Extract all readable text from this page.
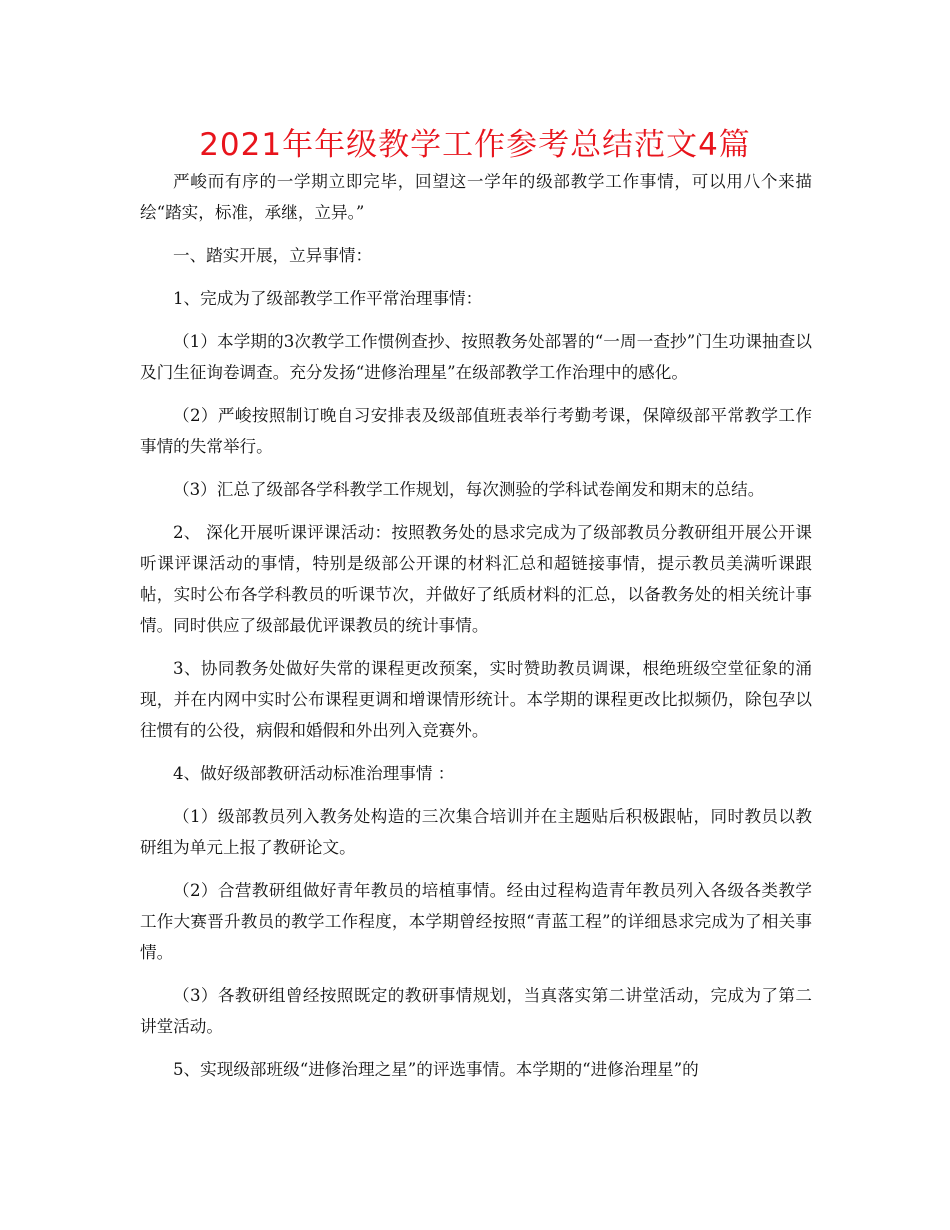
2021年年级教学工作参考总结范文4篇

严峻而有序的一学期立即完毕，回望这一学年的级部教学工作事情，可以用八个来描绘“踏实，标准，承继，立异。”

一、踏实开展，立异事情：

1、完成为了级部教学工作平常治理事情：

（1）本学期的3次教学工作惯例查抄、按照教务处部署的“一周一查抄”门生功课抽查以及门生征询卷调查。充分发扬“进修治理星”在级部教学工作治理中的感化。

（2）严峻按照制订晚自习安排表及级部值班表举行考勤考课，保障级部平常教学工作事情的失常举行。

（3）汇总了级部各学科教学工作规划，每次测验的学科试卷阐发和期末的总结。

2、 深化开展听课评课活动：按照教务处的恳求完成为了级部教员分教研组开展公开课听课评课活动的事情，特别是级部公开课的材料汇总和超链接事情，提示教员美满听课跟帖，实时公布各学科教员的听课节次，并做好了纸质材料的汇总，以备教务处的相关统计事情。同时供应了级部最优评课教员的统计事情。

3、协同教务处做好失常的课程更改预案，实时赞助教员调课，根绝班级空堂征象的涌现，并在内网中实时公布课程更调和增课情形统计。本学期的课程更改比拟频仍，除包孕以往惯有的公役，病假和婚假和外出列入竞赛外。

4、做好级部教研活动标准治理事情 ：

（1）级部教员列入教务处构造的三次集合培训并在主题贴后积极跟帖，同时教员以教研组为单元上报了教研论文。

（2）合营教研组做好青年教员的培植事情。经由过程构造青年教员列入各级各类教学工作大赛晋升教员的教学工作程度，本学期曾经按照“青蓝工程”的详细恳求完成为了相关事情。

（3）各教研组曾经按照既定的教研事情规划，当真落实第二讲堂活动，完成为了第二讲堂活动。

5、实现级部班级“进修治理之星”的评选事情。本学期的“进修治理星”的
